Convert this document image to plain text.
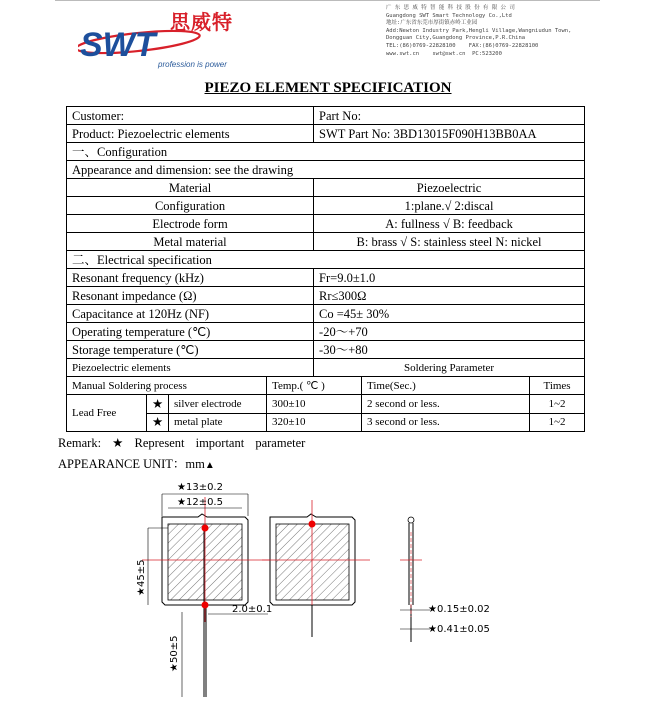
SWT
思威特
profession is power
广 东 思 威 特 智 能 科 技 股 份 有 限 公 司
Guangdong SWT Smart Technology Co.,Ltd
地址:广东省东莞市厚街镇赤岭工业园
Add:Newton Industry Park,Hengli Village,Wangniudun Town,
Dongguan City,Guangdong Province,P.R.China
TEL:(86)0769-22828100    FAX:(86)0769-22828100
www.swt.cn    swt@swt.cn  PC:523200
PIEZO ELEMENT SPECIFICATION
Customer:				Part No:		
Product: Piezoelectric elements				SWT Part No: 3BD13015F090H13BB0AA		
一、Configuration						
Appearance and dimension: see the drawing						
Material				Piezoelectric		
Configuration				1:plane.√ 2:discal		
Electrode form				A: fullness √ B: feedback		
Metal material				B: brass √ S: stainless steel N: nickel		
二、Electrical specification						
Resonant frequency (kHz)				Fr=9.0±1.0		
Resonant impedance (Ω)				Rr≤300Ω		
Capacitance at 120Hz (NF)				Co =45± 30%		
Operating temperature (℃)				-20～+70		
Storage temperature (℃)				-30～+80		
Piezoelectric elements				Soldering Parameter		
Manual Soldering process			Temp.( ℃ )		Time(Sec.)	Times
Lead Free	★	silver electrode	300±10		2 second or less.	1~2
	★	metal plate	320±10		3 second or less.	1~2
Remark: ★ Represent important parameter
APPEARANCE UNIT：mm▲
★13±0.2
★12±0.5
★45±5
2.0±0.1
★50±5
★0.15±0.02
★0.41±0.05
